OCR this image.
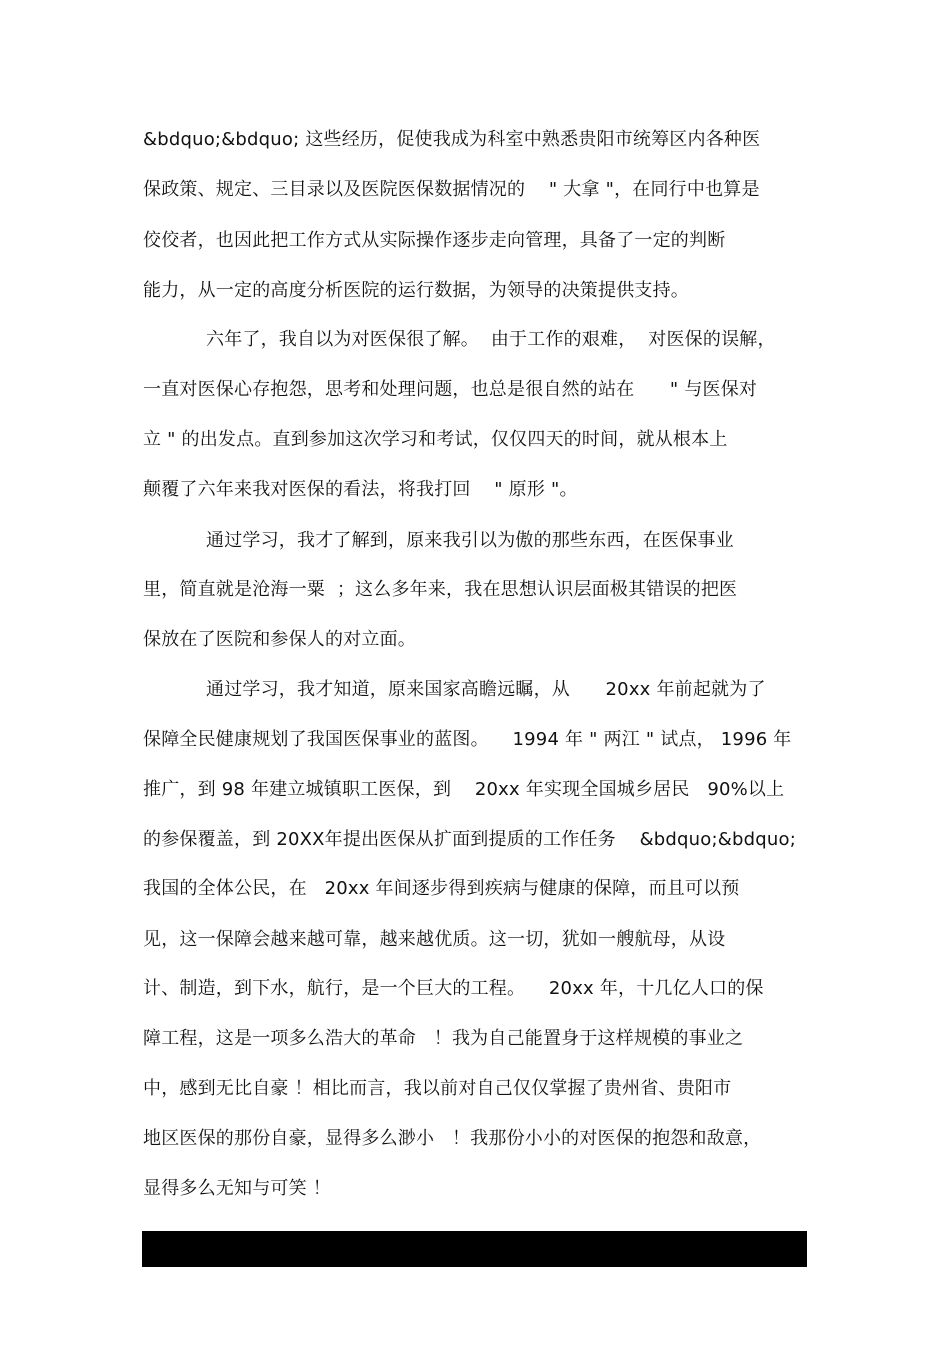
&bdquo;&bdquo; 这些经历，促使我成为科室中熟悉贵阳市统筹区内各种医
保政策、规定、三目录以及医院医保数据情况的    " 大拿 "，在同行中也算是
佼佼者，也因此把工作方式从实际操作逐步走向管理，具备了一定的判断
能力，从一定的高度分析医院的运行数据，为领导的决策提供支持。
六年了，我自以为对医保很了解。  由于工作的艰难，  对医保的误解，
一直对医保心存抱怨，思考和处理问题，也总是很自然的站在      " 与医保对
立 " 的出发点。直到参加这次学习和考试，仅仅四天的时间，就从根本上
颠覆了六年来我对医保的看法，将我打回    " 原形 "。
通过学习，我才了解到，原来我引以为傲的那些东西，在医保事业
里，简直就是沧海一粟  ；这么多年来，我在思想认识层面极其错误的把医
保放在了医院和参保人的对立面。
通过学习，我才知道，原来国家高瞻远瞩，从      20xx 年前起就为了
保障全民健康规划了我国医保事业的蓝图。    1994 年 " 两江 " 试点， 1996 年
推广，到 98 年建立城镇职工医保，到    20xx 年实现全国城乡居民   90%以上
的参保覆盖，到 20XX年提出医保从扩面到提质的工作任务    &bdquo;&bdquo;
我国的全体公民，在   20xx 年间逐步得到疾病与健康的保障，而且可以预
见，这一保障会越来越可靠，越来越优质。这一切，犹如一艘航母，从设
计、制造，到下水，航行，是一个巨大的工程。    20xx 年，十几亿人口的保
障工程，这是一项多么浩大的革命   ！我为自己能置身于这样规模的事业之
中，感到无比自豪 ！相比而言，我以前对自己仅仅掌握了贵州省、贵阳市
地区医保的那份自豪，显得多么渺小   ！我那份小小的对医保的抱怨和敌意，
显得多么无知与可笑 ！
